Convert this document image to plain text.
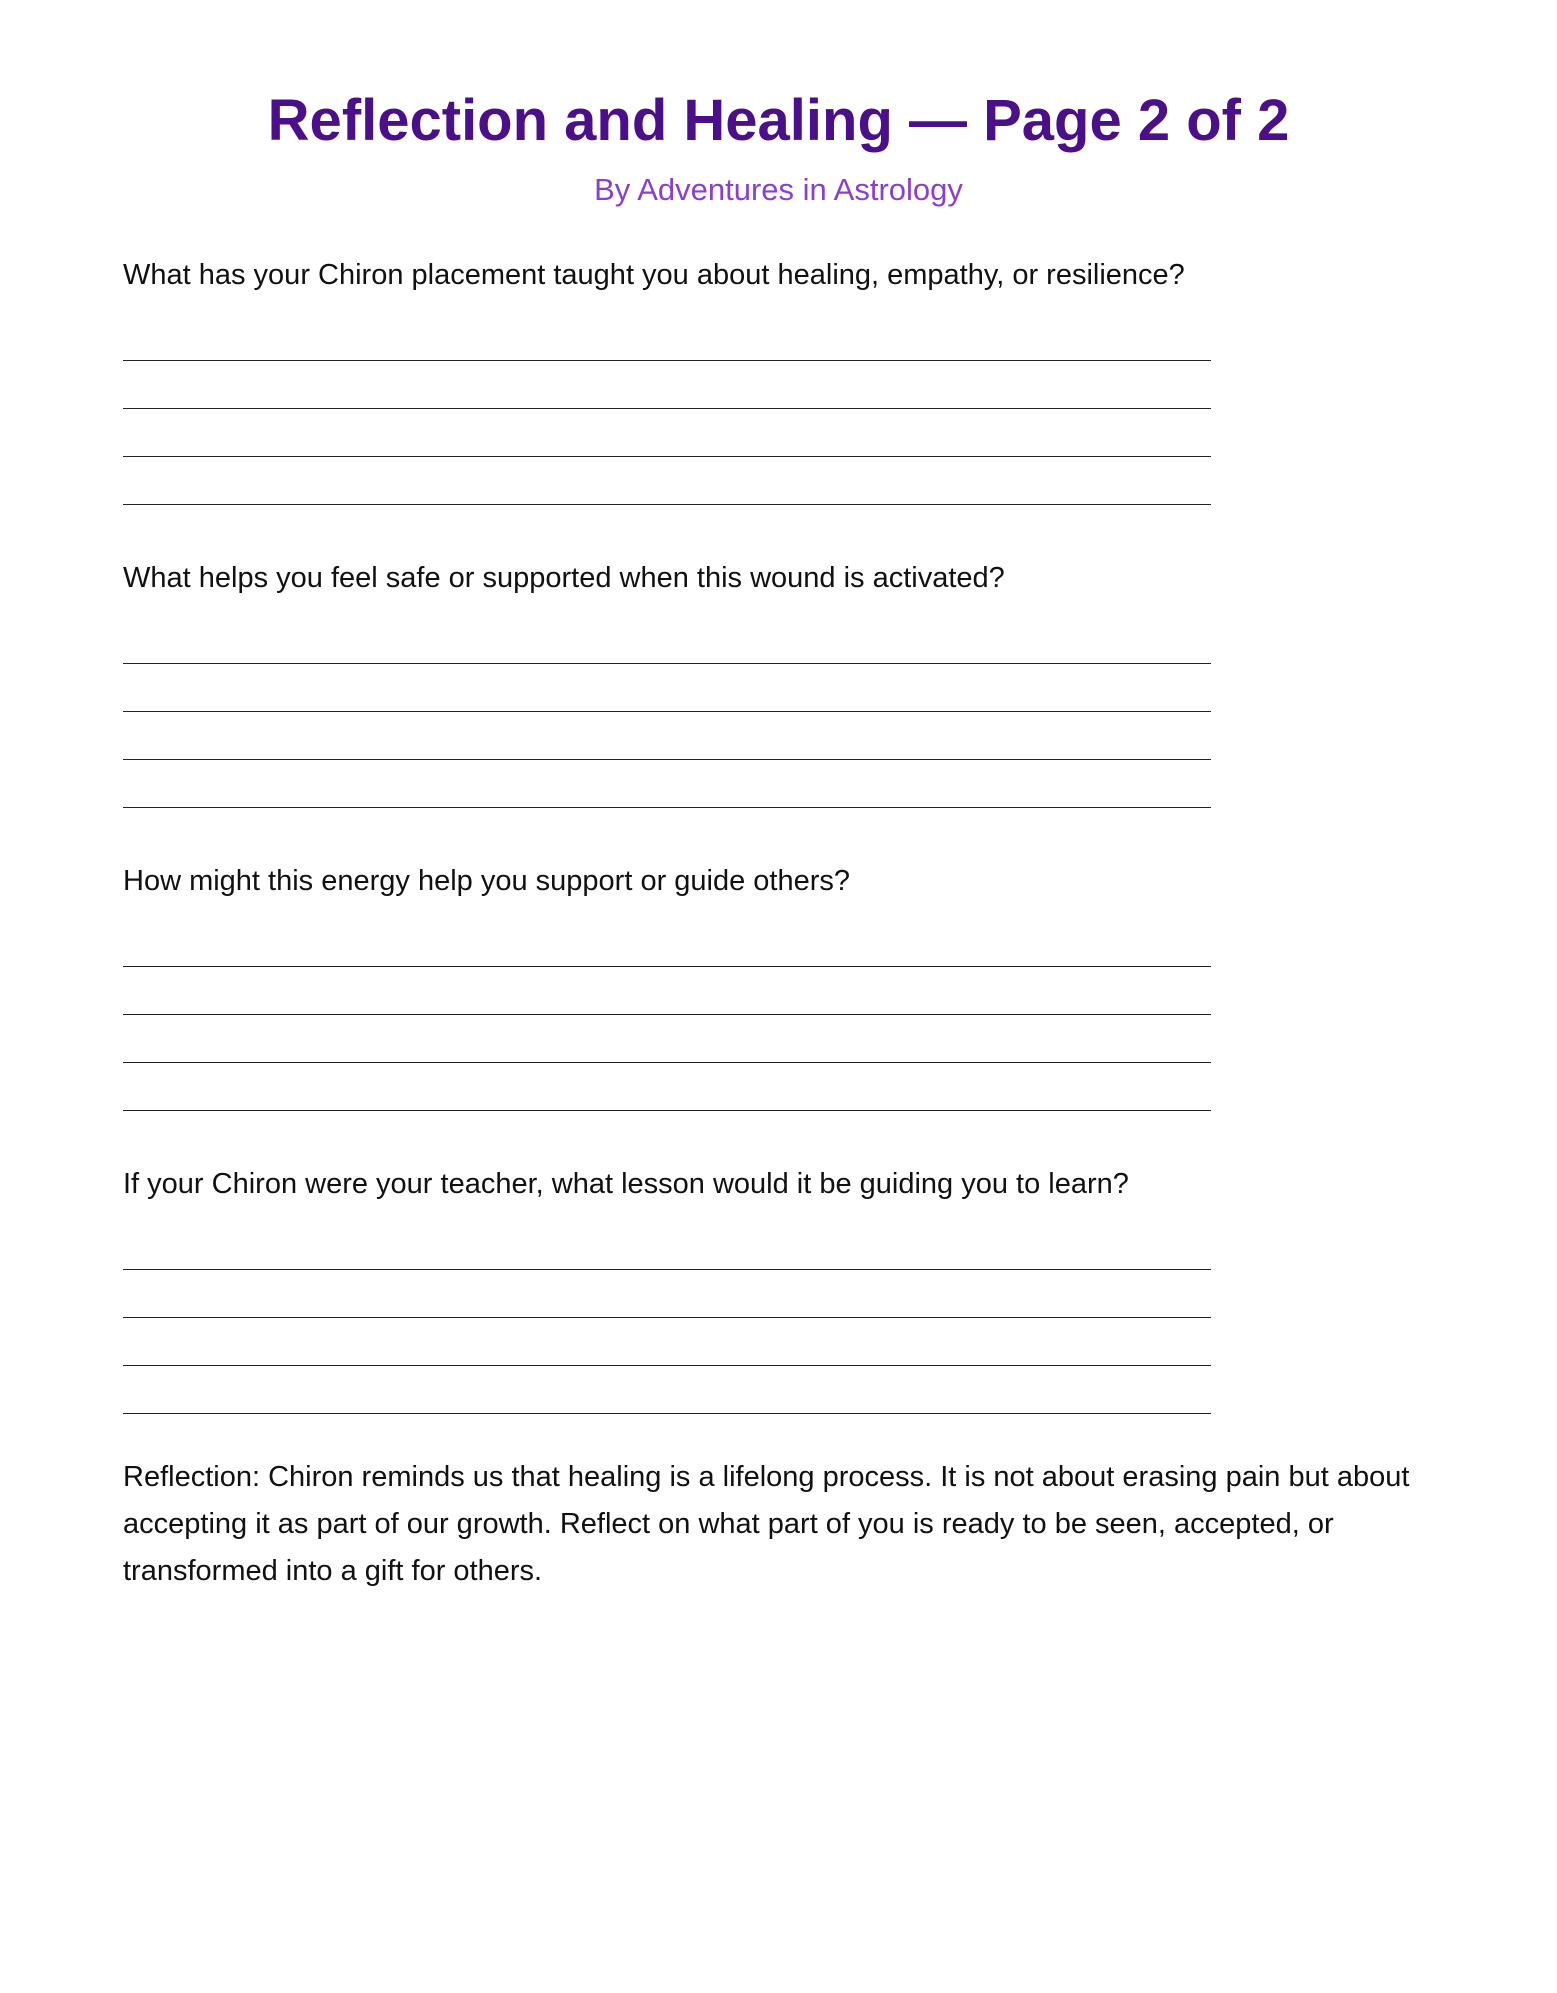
Reflection and Healing — Page 2 of 2

By Adventures in Astrology

What has your Chiron placement taught you about healing, empathy, or resilience?

What helps you feel safe or supported when this wound is activated?

How might this energy help you support or guide others?

If your Chiron were your teacher, what lesson would it be guiding you to learn?

Reflection: Chiron reminds us that healing is a lifelong process. It is not about erasing pain but about accepting it as part of our growth. Reflect on what part of you is ready to be seen, accepted, or transformed into a gift for others.
